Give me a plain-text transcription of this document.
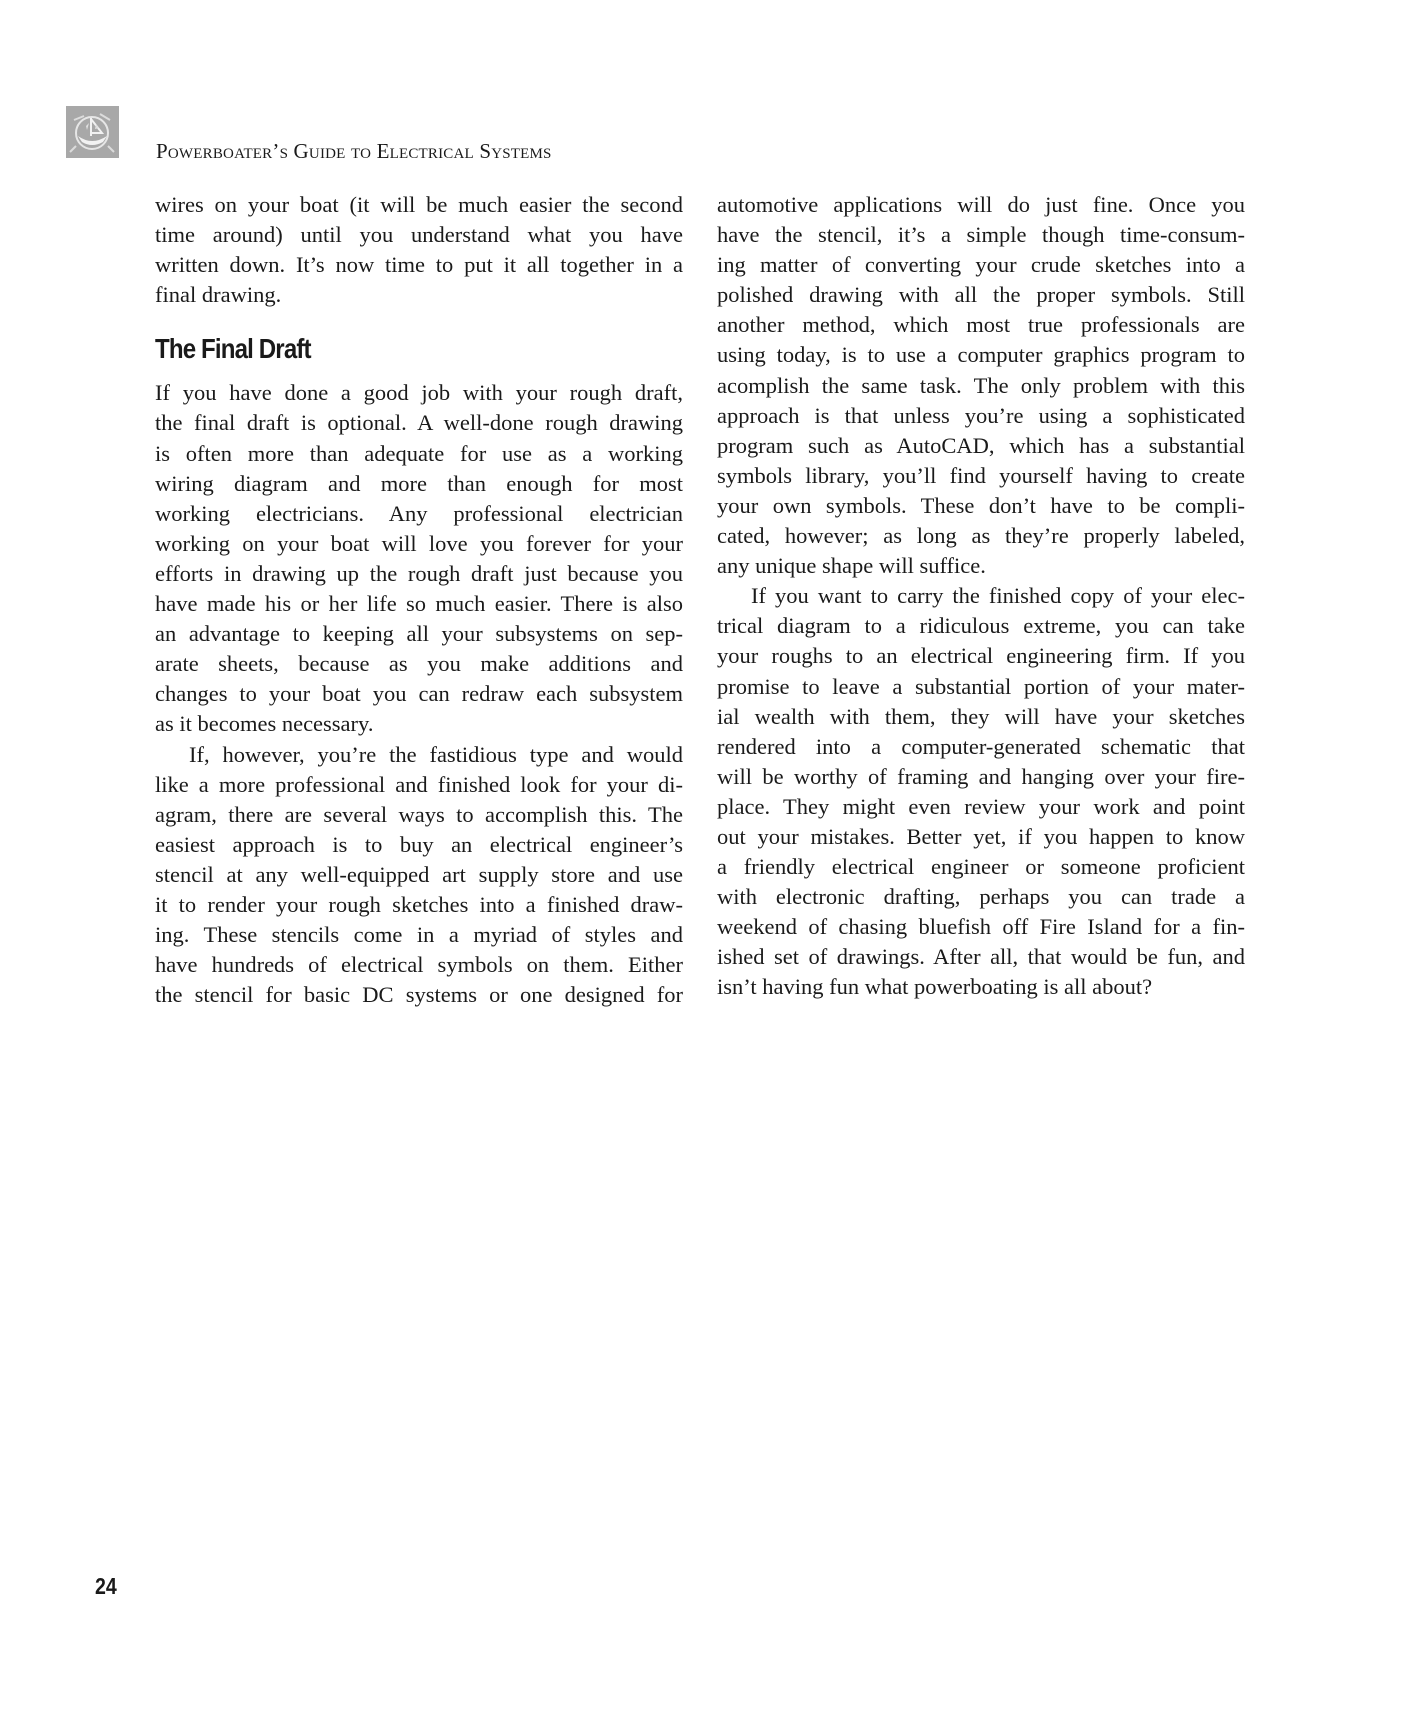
Powerboater’s Guide to Electrical Systems
wires on your boat (it will be much easier the second
time around) until you understand what you have
written down. It’s now time to put it all together in a
final drawing.
The Final Draft
If you have done a good job with your rough draft,
the final draft is optional. A well-done rough drawing
is often more than adequate for use as a working
wiring diagram and more than enough for most
working electricians. Any professional electrician
working on your boat will love you forever for your
efforts in drawing up the rough draft just because you
have made his or her life so much easier. There is also
an advantage to keeping all your subsystems on sep-
arate sheets, because as you make additions and
changes to your boat you can redraw each subsystem
as it becomes necessary.
If, however, you’re the fastidious type and would
like a more professional and finished look for your di-
agram, there are several ways to accomplish this. The
easiest approach is to buy an electrical engineer’s
stencil at any well-equipped art supply store and use
it to render your rough sketches into a finished draw-
ing. These stencils come in a myriad of styles and
have hundreds of electrical symbols on them. Either
the stencil for basic DC systems or one designed for
automotive applications will do just fine. Once you
have the stencil, it’s a simple though time-consum-
ing matter of converting your crude sketches into a
polished drawing with all the proper symbols. Still
another method, which most true professionals are
using today, is to use a computer graphics program to
acomplish the same task. The only problem with this
approach is that unless you’re using a sophisticated
program such as AutoCAD, which has a substantial
symbols library, you’ll find yourself having to create
your own symbols. These don’t have to be compli-
cated, however; as long as they’re properly labeled,
any unique shape will suffice.
If you want to carry the finished copy of your elec-
trical diagram to a ridiculous extreme, you can take
your roughs to an electrical engineering firm. If you
promise to leave a substantial portion of your mater-
ial wealth with them, they will have your sketches
rendered into a computer-generated schematic that
will be worthy of framing and hanging over your fire-
place. They might even review your work and point
out your mistakes. Better yet, if you happen to know
a friendly electrical engineer or someone proficient
with electronic drafting, perhaps you can trade a
weekend of chasing bluefish off Fire Island for a fin-
ished set of drawings. After all, that would be fun, and
isn’t having fun what powerboating is all about?
24
